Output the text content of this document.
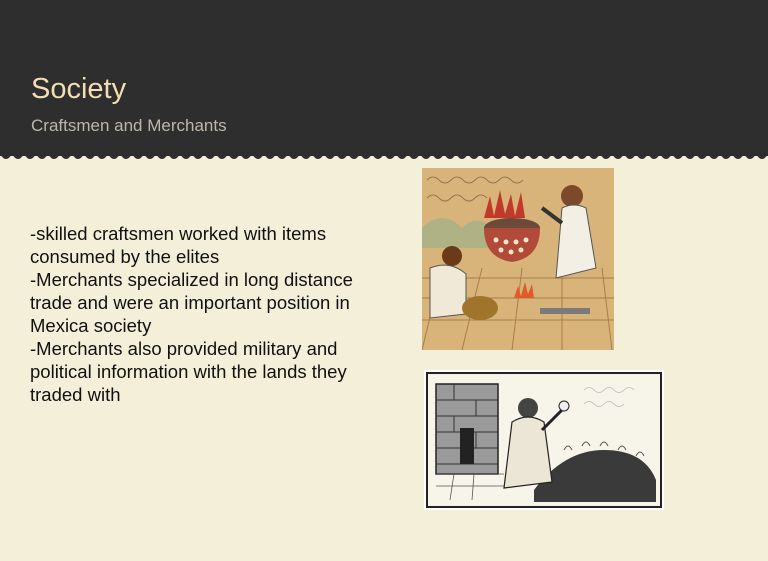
Society
Craftsmen and Merchants
-skilled craftsmen worked with items consumed by the elites
-Merchants specialized in long distance trade and were an important position in Mexica society
-Merchants also provided military and political information with the lands they traded with
